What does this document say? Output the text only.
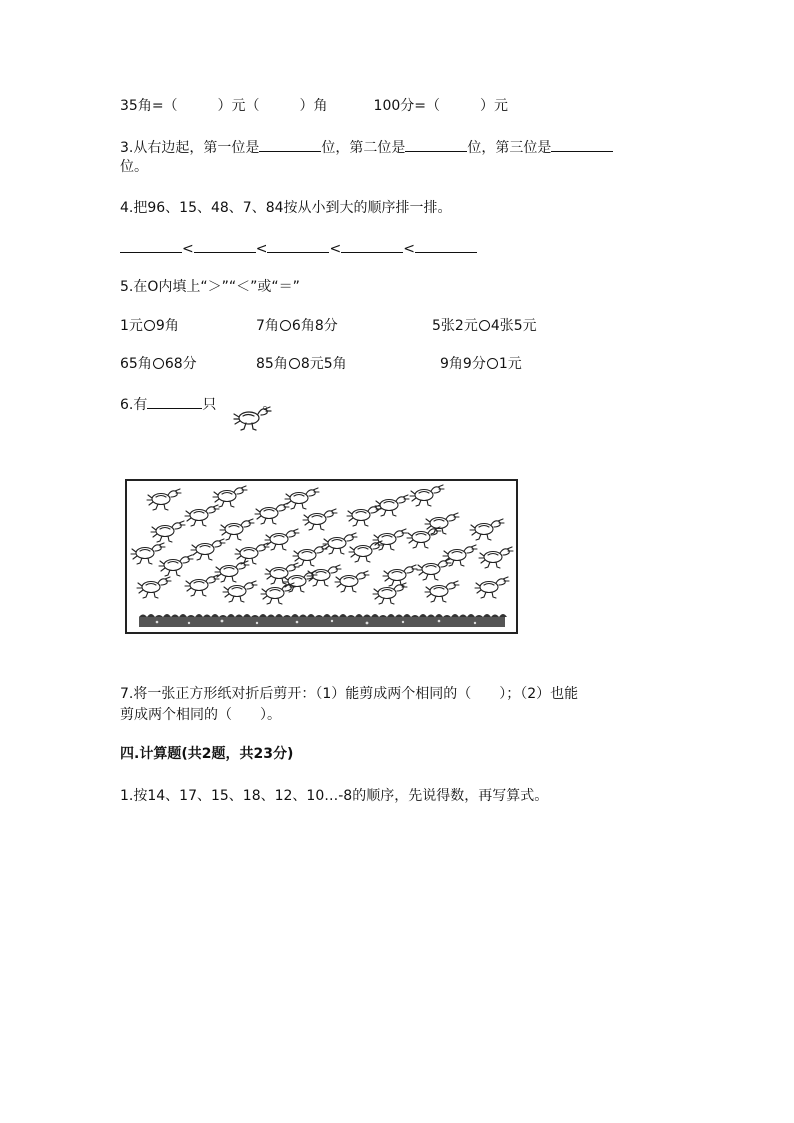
35角=（	）元（	）角	100分=（	）元
3.从右边起，第一位是	位，第二位是	位，第三位是
位。
4.把96、15、48、7、84按从小到大的顺序排一排。
<	<	<	<
5.在O内填上“＞”“＜”或“＝”
1元 9角	7角 6角8分	5张2元 4张5元
65角 68分	85角 8元5角	9角9分 1元
6.有	只	。
7.将一张正方形纸对折后剪开：（1）能剪成两个相同的（　　）；（2）也能
剪成两个相同的（　　）。
四.计算题(共2题，共23分)
1.按14、17、15、18、12、10…-8的顺序，先说得数，再写算式。
